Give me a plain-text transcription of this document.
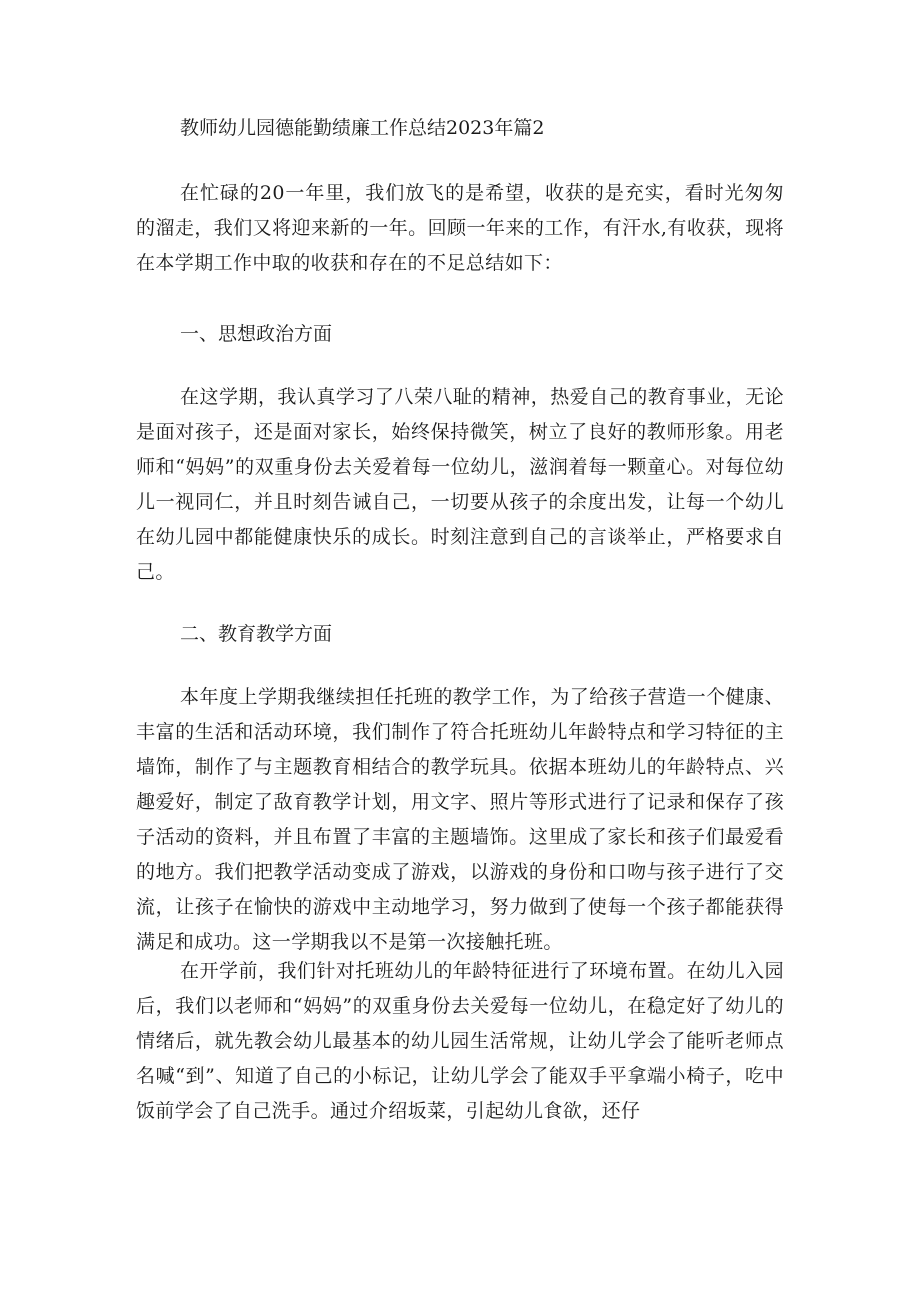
教师幼儿园德能勤绩廉工作总结2023年篇2

在忙碌的20一年里，我们放飞的是希望，收获的是充实，看时光匆匆的溜走，我们又将迎来新的一年。回顾一年来的工作，有汗水,有收获，现将在本学期工作中取的收获和存在的不足总结如下：

一、思想政治方面

在这学期，我认真学习了八荣八耻的精神，热爱自己的教育事业，无论是面对孩子，还是面对家长，始终保持微笑，树立了良好的教师形象。用老师和“妈妈”的双重身份去关爱着每一位幼儿，滋润着每一颗童心。对每位幼儿一视同仁，并且时刻告诫自己，一切要从孩子的余度出发，让每一个幼儿在幼儿园中都能健康快乐的成长。时刻注意到自己的言谈举止，严格要求自己。

二、教育教学方面

本年度上学期我继续担任托班的教学工作，为了给孩子营造一个健康、丰富的生活和活动环境，我们制作了符合托班幼儿年龄特点和学习特征的主墙饰，制作了与主题教育相结合的教学玩具。依据本班幼儿的年龄特点、兴趣爱好，制定了敌育教学计划，用文字、照片等形式进行了记录和保存了孩子活动的资料，并且布置了丰富的主题墙饰。这里成了家长和孩子们最爱看的地方。我们把教学活动变成了游戏，以游戏的身份和口吻与孩子进行了交流，让孩子在愉快的游戏中主动地学习，努力做到了使每一个孩子都能获得满足和成功。这一学期我以不是第一次接触托班。

在开学前，我们针对托班幼儿的年龄特征进行了环境布置。在幼儿入园后，我们以老师和“妈妈”的双重身份去关爱每一位幼儿，在稳定好了幼儿的情绪后，就先教会幼儿最基本的幼儿园生活常规，让幼儿学会了能听老师点名喊“到”、知道了自己的小标记，让幼儿学会了能双手平拿端小椅子，吃中饭前学会了自己洗手。通过介绍坂菜，引起幼儿食欲，还仔
